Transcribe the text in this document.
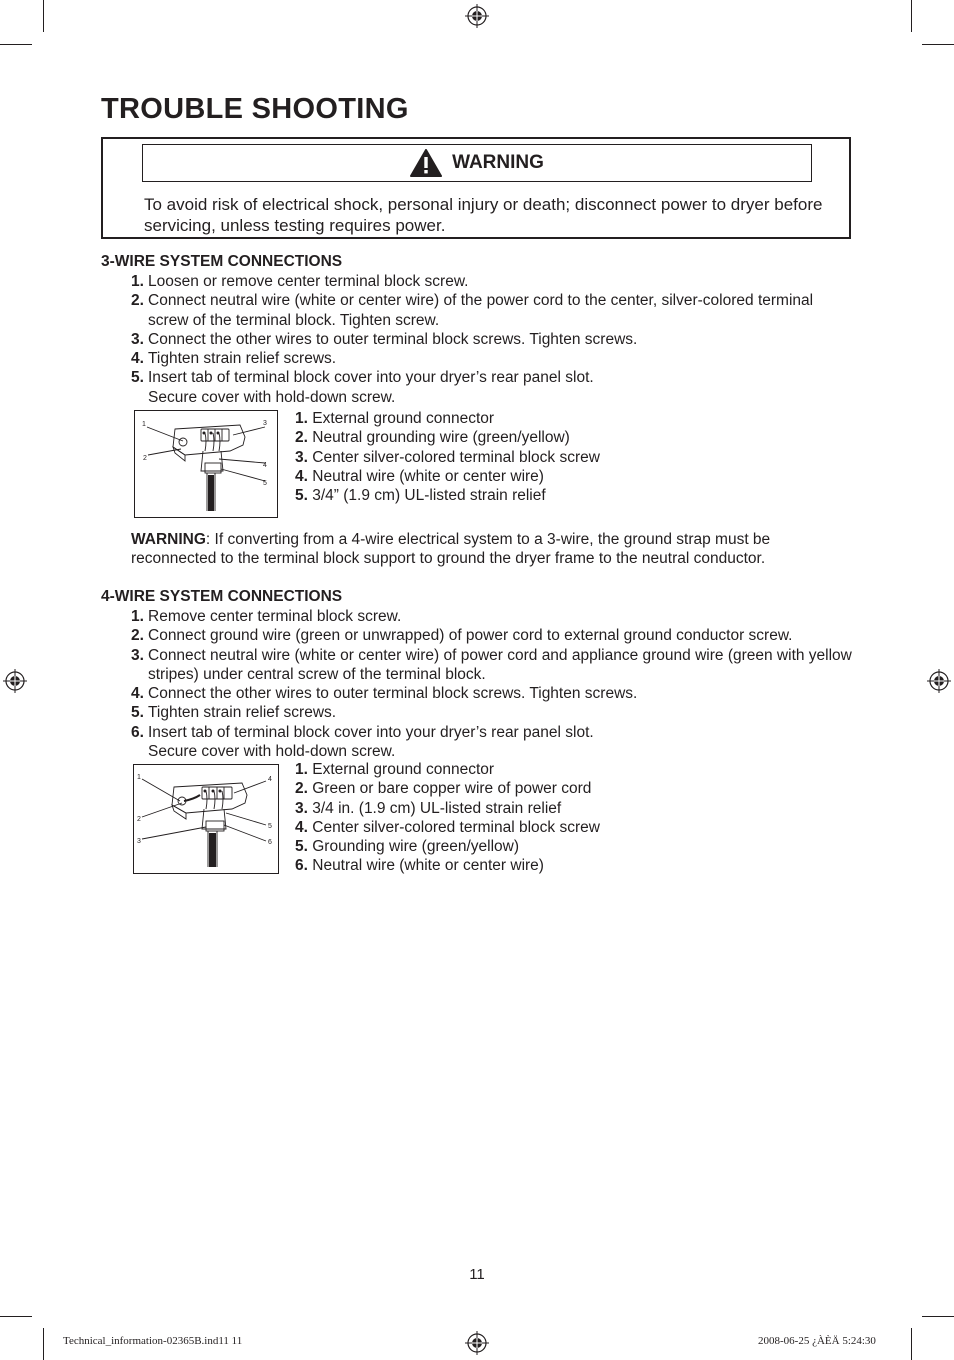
TROUBLE SHOOTING
WARNING
To avoid risk of electrical shock, personal injury or death; disconnect power to dryer before servicing, unless testing requires power.
3-WIRE SYSTEM CONNECTIONS
1. Loosen or remove center terminal block screw.
2. Connect neutral wire (white or center wire) of the power cord to the center, silver-colored terminal screw of the terminal block. Tighten screw.
3. Connect the other wires to outer terminal block screws. Tighten screws.
4. Tighten strain relief screws.
5. Insert tab of terminal block cover into your dryer’s rear panel slot. Secure cover with hold-down screw.
1
2
3
4
5
1. External ground connector
2. Neutral grounding wire (green/yellow)
3. Center silver-colored terminal block screw
4. Neutral wire (white or center wire)
5. 3/4” (1.9 cm) UL-listed strain relief
WARNING: If converting from a 4-wire electrical system to a 3-wire, the ground strap must be reconnected to the terminal block support to ground the dryer frame to the neutral conductor.
4-WIRE SYSTEM CONNECTIONS
1. Remove center terminal block screw.
2. Connect ground wire (green or unwrapped) of power cord to external ground conductor screw.
3. Connect neutral wire (white or center wire) of power cord and appliance ground wire (green with yellow stripes) under central screw of the terminal block.
4. Connect the other wires to outer terminal block screws. Tighten screws.
5. Tighten strain relief screws.
6. Insert tab of terminal block cover into your dryer’s rear panel slot. Secure cover with hold-down screw.
1
2
3
4
5
6
1. External ground connector
2. Green or bare copper wire of power cord
3. 3/4 in. (1.9 cm) UL-listed strain relief
4. Center silver-colored terminal block screw
5. Grounding wire (green/yellow)
6. Neutral wire (white or center wire)
11
Technical_information-02365B.ind11 11	2008-06-25 ¿ÀÈÄ 5:24:30
